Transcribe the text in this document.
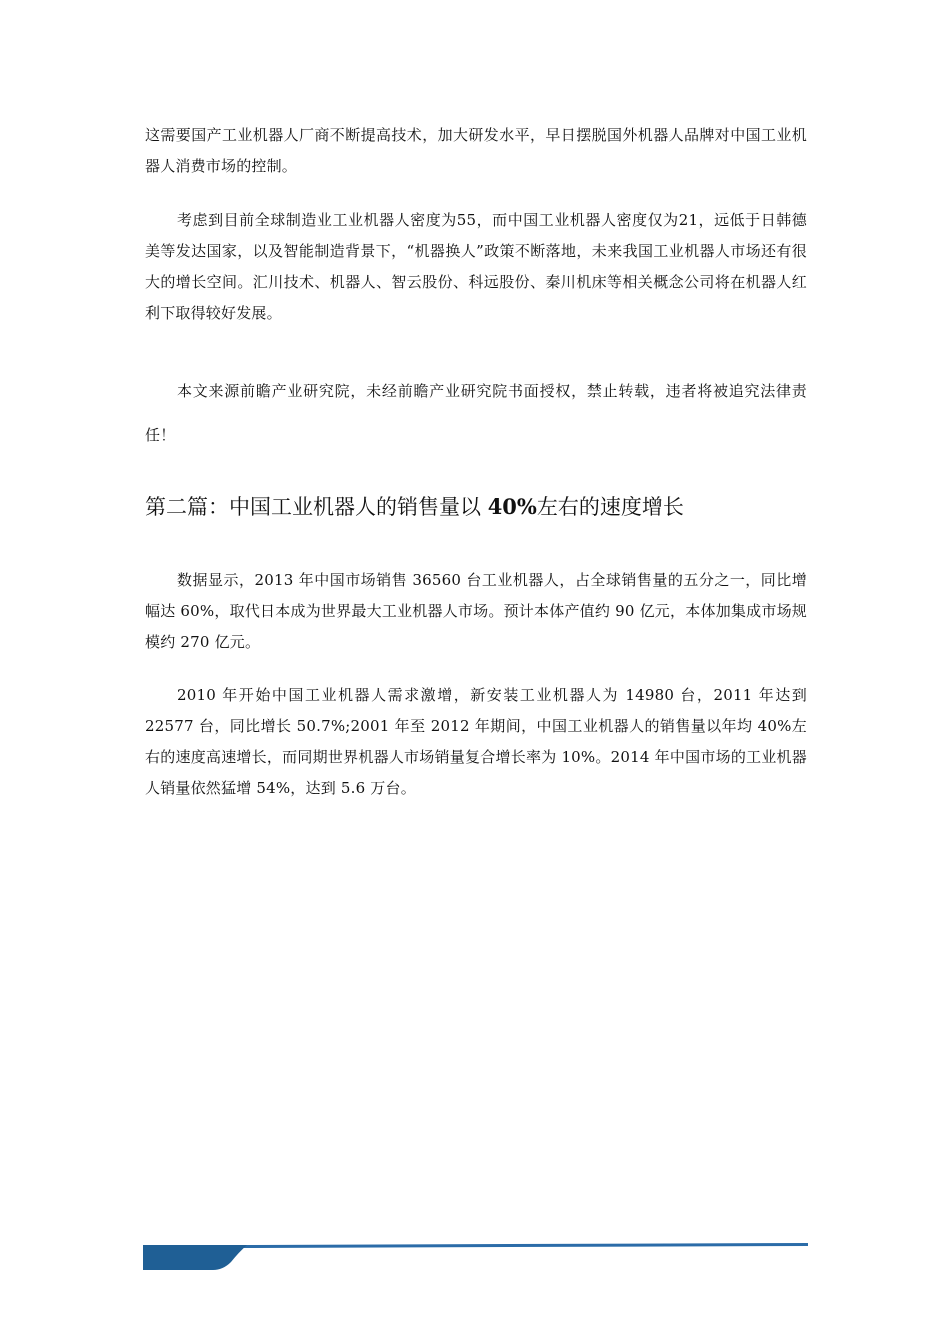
这需要国产工业机器人厂商不断提高技术，加大研发水平，早日摆脱国外机器人品牌对中国工业机器人消费市场的控制。

考虑到目前全球制造业工业机器人密度为55，而中国工业机器人密度仅为21，远低于日韩德美等发达国家，以及智能制造背景下，“机器换人”政策不断落地，未来我国工业机器人市场还有很大的增长空间。汇川技术、机器人、智云股份、科远股份、秦川机床等相关概念公司将在机器人红利下取得较好发展。

本文来源前瞻产业研究院，未经前瞻产业研究院书面授权，禁止转载，违者将被追究法律责任！

第二篇：中国工业机器人的销售量以 40%左右的速度增长

数据显示，2013 年中国市场销售 36560 台工业机器人，占全球销售量的五分之一，同比增幅达 60%，取代日本成为世界最大工业机器人市场。预计本体产值约 90 亿元，本体加集成市场规模约 270 亿元。

2010 年开始中国工业机器人需求激增，新安装工业机器人为 14980 台，2011 年达到 22577 台，同比增长 50.7%;2001 年至 2012 年期间，中国工业机器人的销售量以年均 40%左右的速度高速增长，而同期世界机器人市场销量复合增长率为 10%。2014 年中国市场的工业机器人销量依然猛增 54%，达到 5.6 万台。
